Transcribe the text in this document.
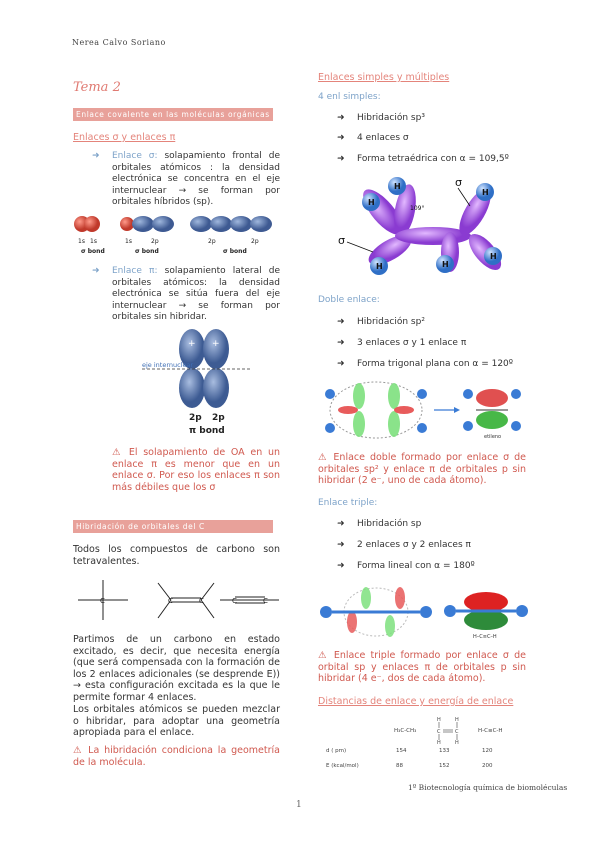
Nerea Calvo Soriano
Tema 2
Enlace covalente en las moléculas orgánicas
Enlaces σ y enlaces π
➜ Enlace σ: solapamiento frontal de orbitales atómicos : la densidad electrónica se concentra en el eje internuclear → se forman por orbitales híbridos (sp).
1s 1s
σ bond
1s	2p
σ bond
2p	2p
σ bond
➜ Enlace π: solapamiento lateral de orbitales atómicos: la densidad electrónica se sitúa fuera del eje internuclear → se forman por orbitales sin hibridar.
+ +
eje internuclear
2p 2p
π bond
⚠ El solapamiento de OA en un enlace π es menor que en un enlace σ. Por eso los enlaces π son más débiles que los σ
Hibridación de orbitales del C
Todos los compuestos de carbono son tetravalentes.
C	C	C	C	C
Partimos de un carbono en estado excitado, es decir, que necesita energía (que será compensada con la formación de los 2 enlaces adicionales (se desprende E)) → esta configuración excitada es la que le permite formar 4 enlaces.
Los orbitales atómicos se pueden mezclar o hibridar, para adoptar una geometría apropiada para el enlace.
⚠ La hibridación condiciona la geometría de la molécula.
Enlaces simples y múltiples
4 enl simples:
➜ Hibridación sp³
➜ 4 enlaces σ
➜ Forma tetraédrica con α = 109,5º
H
H
H
H
H
H
σ
σ
109°
Doble enlace:
➜ Hibridación sp²
➜ 3 enlaces σ y 1 enlace π
➜ Forma trigonal plana con α = 120º
etileno
⚠ Enlace doble formado por enlace σ de orbitales sp² y enlace π de orbitales p sin hibridar (2 e⁻, uno de cada átomo).
Enlace triple:
➜ Hibridación sp
➜ 2 enlaces σ y 2 enlaces π
➜ Forma lineal con α = 180º
H–C≡C–H
⚠ Enlace triple formado por enlace σ de orbital sp y enlaces π de orbitales p sin hibridar (4 e⁻, dos de cada átomo).
Distancias de enlace y energía de enlace
H₃C-CH₃
H	H
C	C
H	H
H-C≡C-H
d ( pm)	154	133	120
E (kcal/mol)	88	152	200
1º Biotecnología química de biomoléculas
1
